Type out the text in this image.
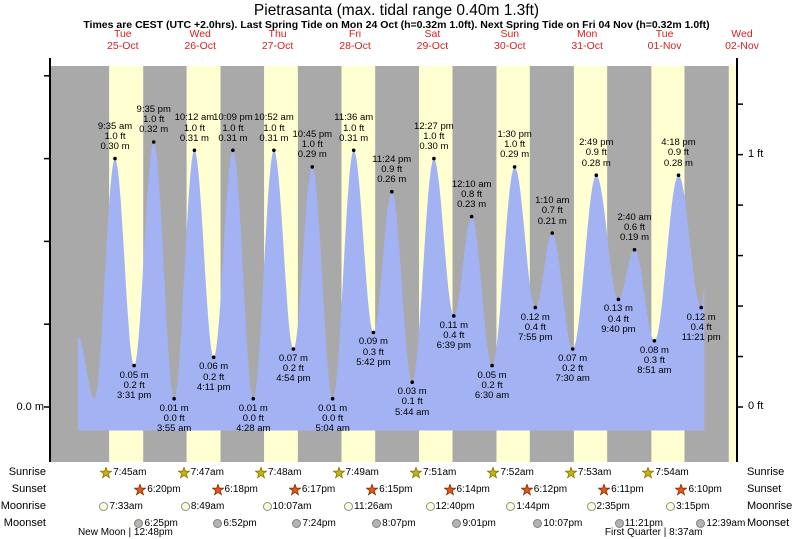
Pietrasanta (max. tidal range 0.40m 1.3ft)
Times are CEST (UTC +2.0hrs). Last Spring Tide on Mon 24 Oct (h=0.32m 1.0ft). Next Spring Tide on Fri 04 Nov (h=0.32m 1.0ft)
Tue
25-Oct
Wed
26-Oct
Thu
27-Oct
Fri
28-Oct
Sat
29-Oct
Sun
30-Oct
Mon
31-Oct
Tue
01-Nov
Wed
02-Nov
9:35 am
1.0 ft
0.30 m
0.05 m
0.2 ft
3:31 pm
9:35 pm
1.0 ft
0.32 m
0.01 m
0.0 ft
3:55 am
10:12 am
1.0 ft
0.31 m
0.06 m
0.2 ft
4:11 pm
10:09 pm
1.0 ft
0.31 m
0.01 m
0.0 ft
4:28 am
10:52 am
1.0 ft
0.31 m
0.07 m
0.2 ft
4:54 pm
10:45 pm
1.0 ft
0.29 m
0.01 m
0.0 ft
5:04 am
11:36 am
1.0 ft
0.31 m
0.09 m
0.3 ft
5:42 pm
11:24 pm
0.9 ft
0.26 m
0.03 m
0.1 ft
5:44 am
12:27 pm
1.0 ft
0.30 m
0.11 m
0.4 ft
6:39 pm
12:10 am
0.8 ft
0.23 m
0.05 m
0.2 ft
6:30 am
1:30 pm
1.0 ft
0.29 m
0.12 m
0.4 ft
7:55 pm
1:10 am
0.7 ft
0.21 m
0.07 m
0.2 ft
7:30 am
2:49 pm
0.9 ft
0.28 m
0.13 m
0.4 ft
9:40 pm
2:40 am
0.6 ft
0.19 m
0.08 m
0.3 ft
8:51 am
4:18 pm
0.9 ft
0.28 m
0.12 m
0.4 ft
11:21 pm
0.0 m
1 ft
0 ft
Sunrise
Sunset
Moonrise
Moonset
Sunrise
Sunset
Moonrise
Moonset
7:45am	7:47am	7:48am	7:49am	7:51am	7:52am	7:53am	7:54am
6:20pm	6:18pm	6:17pm	6:15pm	6:14pm	6:12pm	6:11pm	6:10pm
7:33am	8:49am	10:07am	11:26am	12:40pm	1:44pm	2:35pm	3:15pm
6:25pm	6:52pm	7:24pm	8:07pm	9:01pm	10:07pm	11:21pm	12:39am
New Moon | 12:48pm	First Quarter | 8:37am
